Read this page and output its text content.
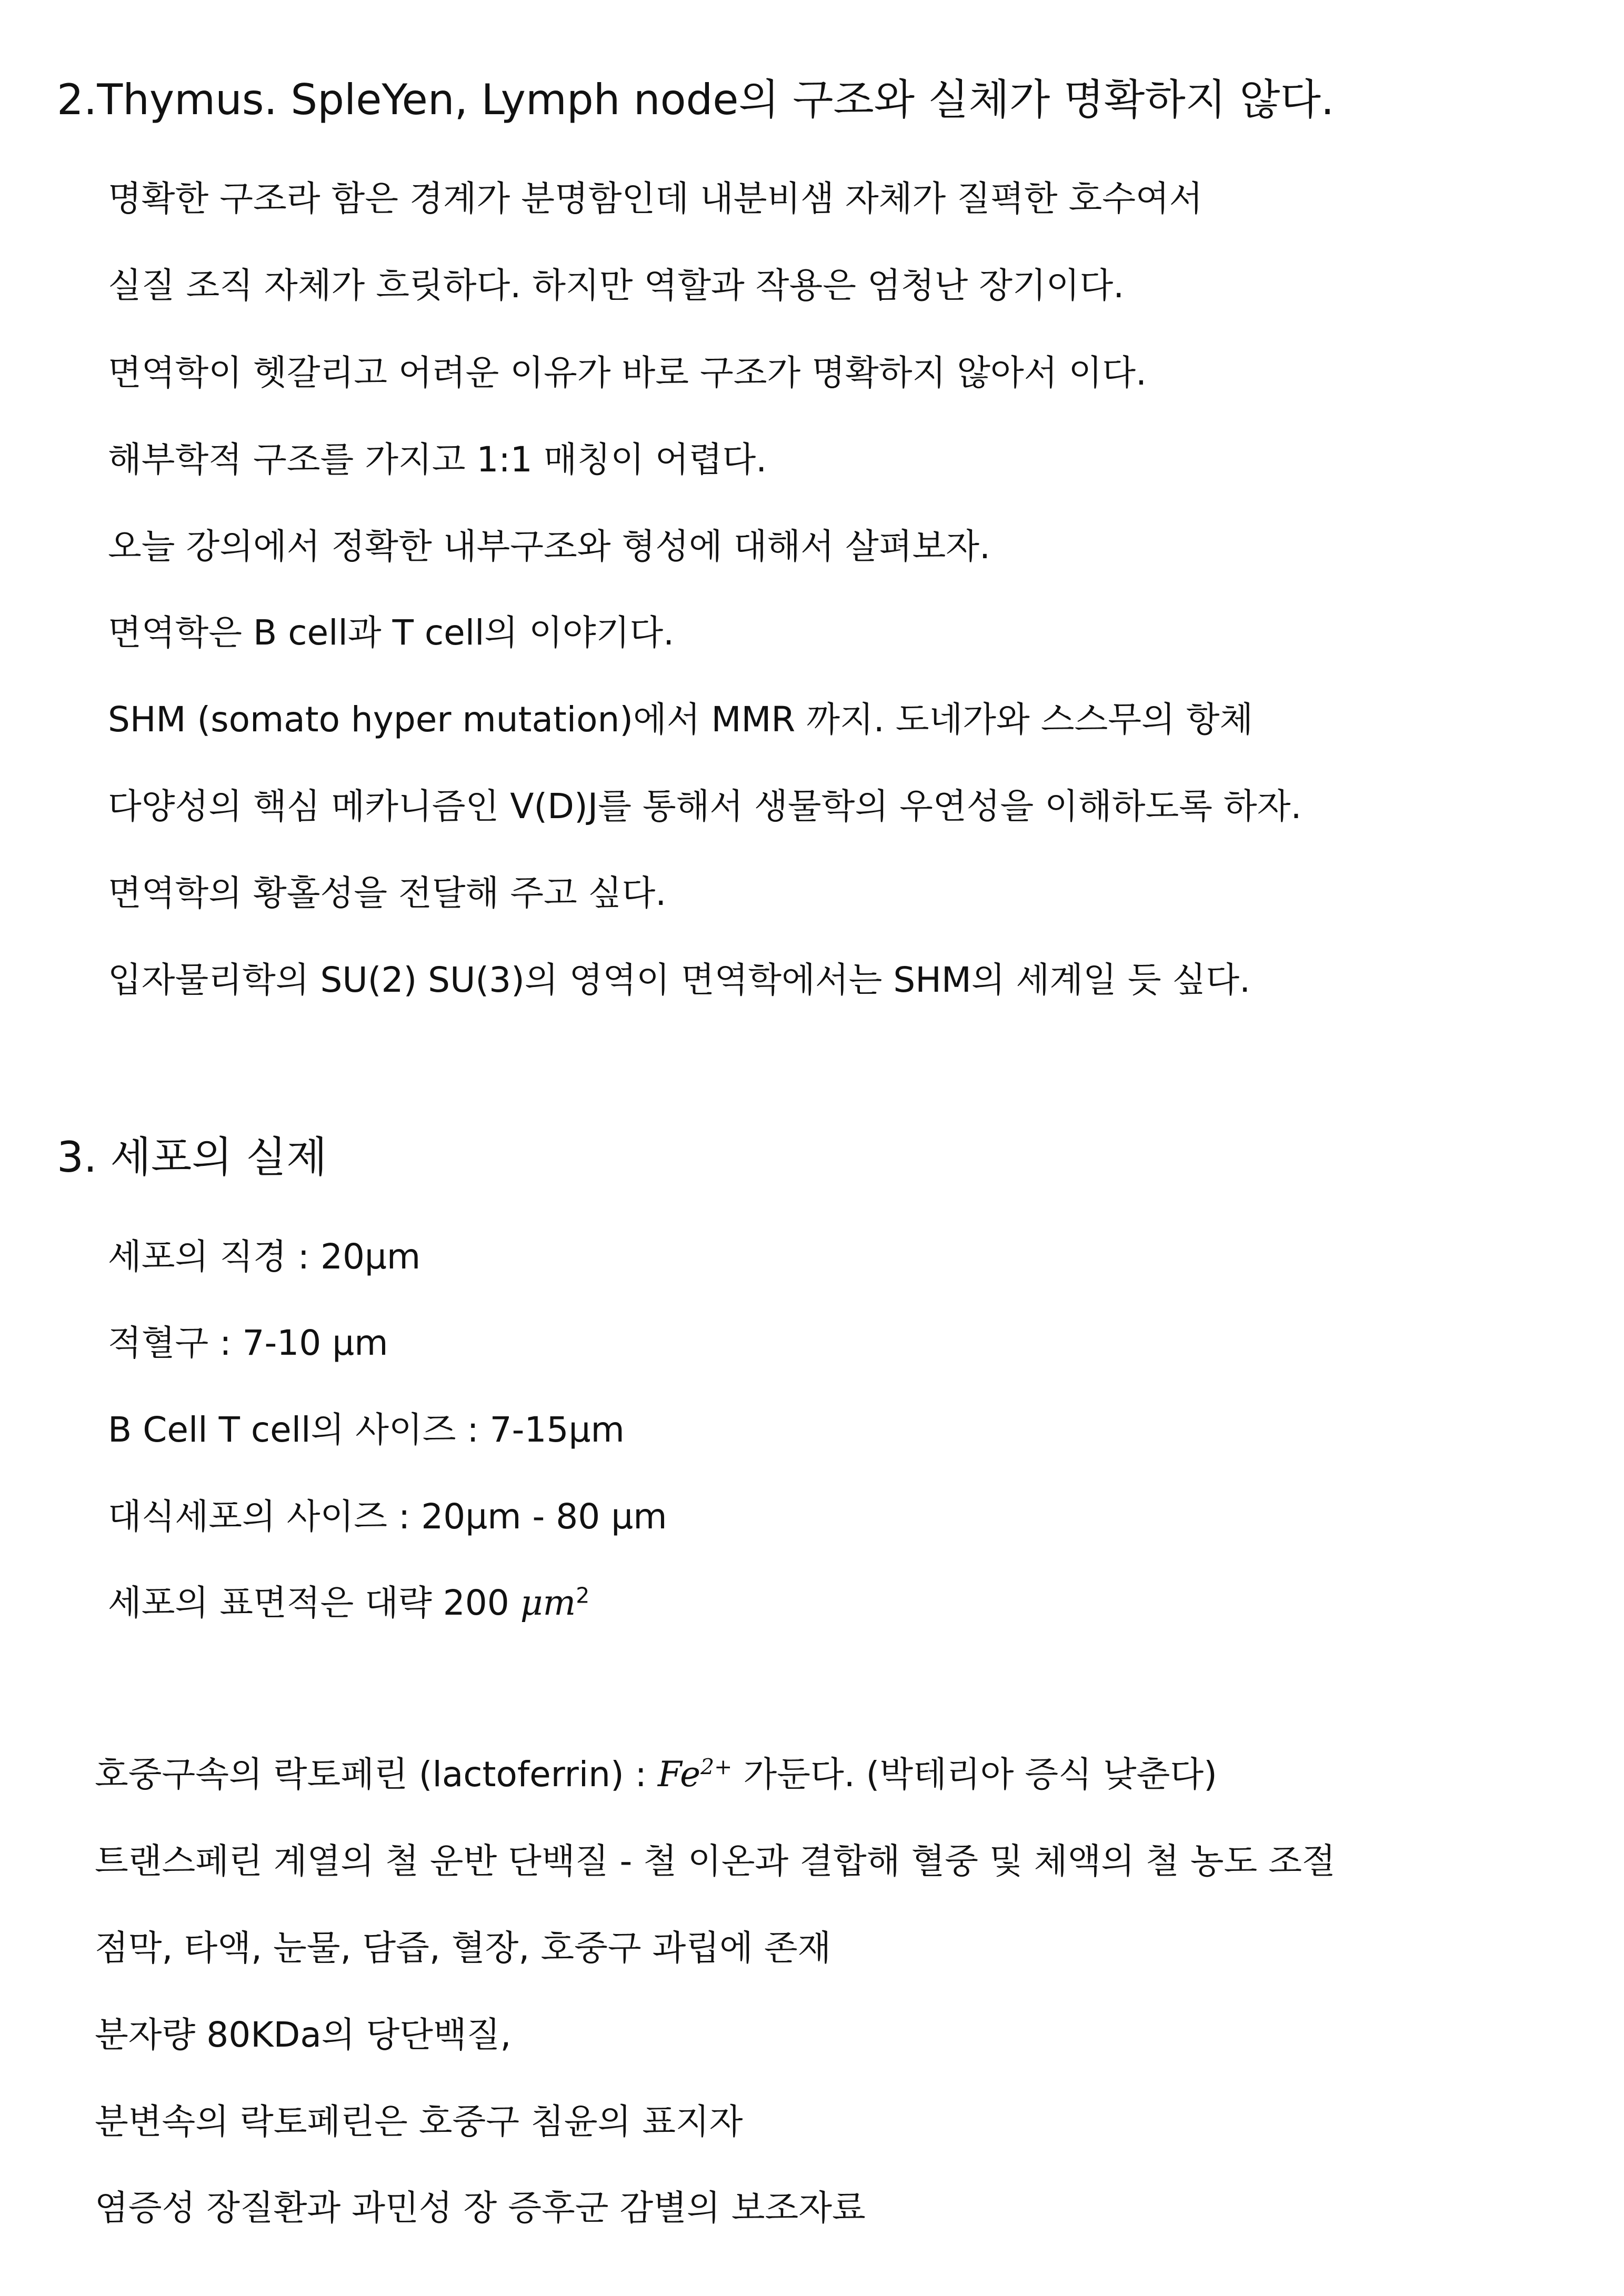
2.Thymus. SpleYen, Lymph node의 구조와 실체가 명확하지 않다.
명확한 구조라 함은 경계가 분명함인데 내분비샘 자체가 질펵한 호수여서
실질 조직 자체가 흐릿하다. 하지만 역할과 작용은 엄청난 장기이다.
면역학이 헷갈리고 어려운 이유가 바로 구조가 명확하지 않아서 이다.
해부학적 구조를 가지고 1:1 매칭이 어렵다.
오늘 강의에서 정확한 내부구조와 형성에 대해서 살펴보자.
면역학은 B cell과 T cell의 이야기다.
SHM (somato hyper mutation)에서 MMR 까지. 도네가와 스스무의 항체
다양성의 핵심 메카니즘인 V(D)J를 통해서 생물학의 우연성을 이해하도록 하자.
면역학의 황홀성을 전달해 주고 싶다.
입자물리학의 SU(2) SU(3)의 영역이 면역학에서는 SHM의 세계일 듯 싶다.
3. 세포의 실제
세포의 직경 : 20μm
적혈구 : 7-10 μm
B Cell T cell의 사이즈 : 7-15μm
대식세포의 사이즈 : 20μm - 80 μm
세포의 표면적은 대략 200 $\mu m^2$
호중구속의 락토페린 (lactoferrin) : $Fe^{2+}$ 가둔다. (박테리아 증식 낮춘다)
트랜스페린 계열의 철 운반 단백질 - 철 이온과 결합해 혈중 및 체액의 철 농도 조절
점막, 타액, 눈물, 담즙, 혈장, 호중구 과립에 존재
분자량 80KDa의 당단백질,
분변속의 락토페린은 호중구 침윤의 표지자
염증성 장질환과 과민성 장 증후군 감별의 보조자료
